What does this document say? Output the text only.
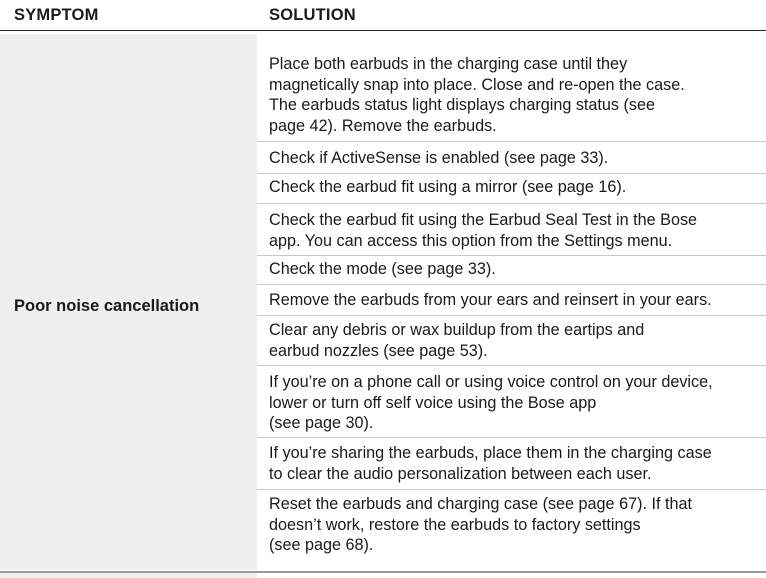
SYMPTOM	SOLUTION
Poor noise cancellation
Place both earbuds in the charging case until they
magnetically snap into place. Close and re-open the case.
The earbuds status light displays charging status (see
page 42). Remove the earbuds.
Check if ActiveSense is enabled (see page 33).
Check the earbud fit using a mirror (see page 16).
Check the earbud fit using the Earbud Seal Test in the Bose
app. You can access this option from the Settings menu.
Check the mode (see page 33).
Remove the earbuds from your ears and reinsert in your ears.
Clear any debris or wax buildup from the eartips and
earbud nozzles (see page 53).
If you’re on a phone call or using voice control on your device,
lower or turn off self voice using the Bose app
(see page 30).
If you’re sharing the earbuds, place them in the charging case
to clear the audio personalization between each user.
Reset the earbuds and charging case (see page 67). If that
doesn’t work, restore the earbuds to factory settings
(see page 68).
